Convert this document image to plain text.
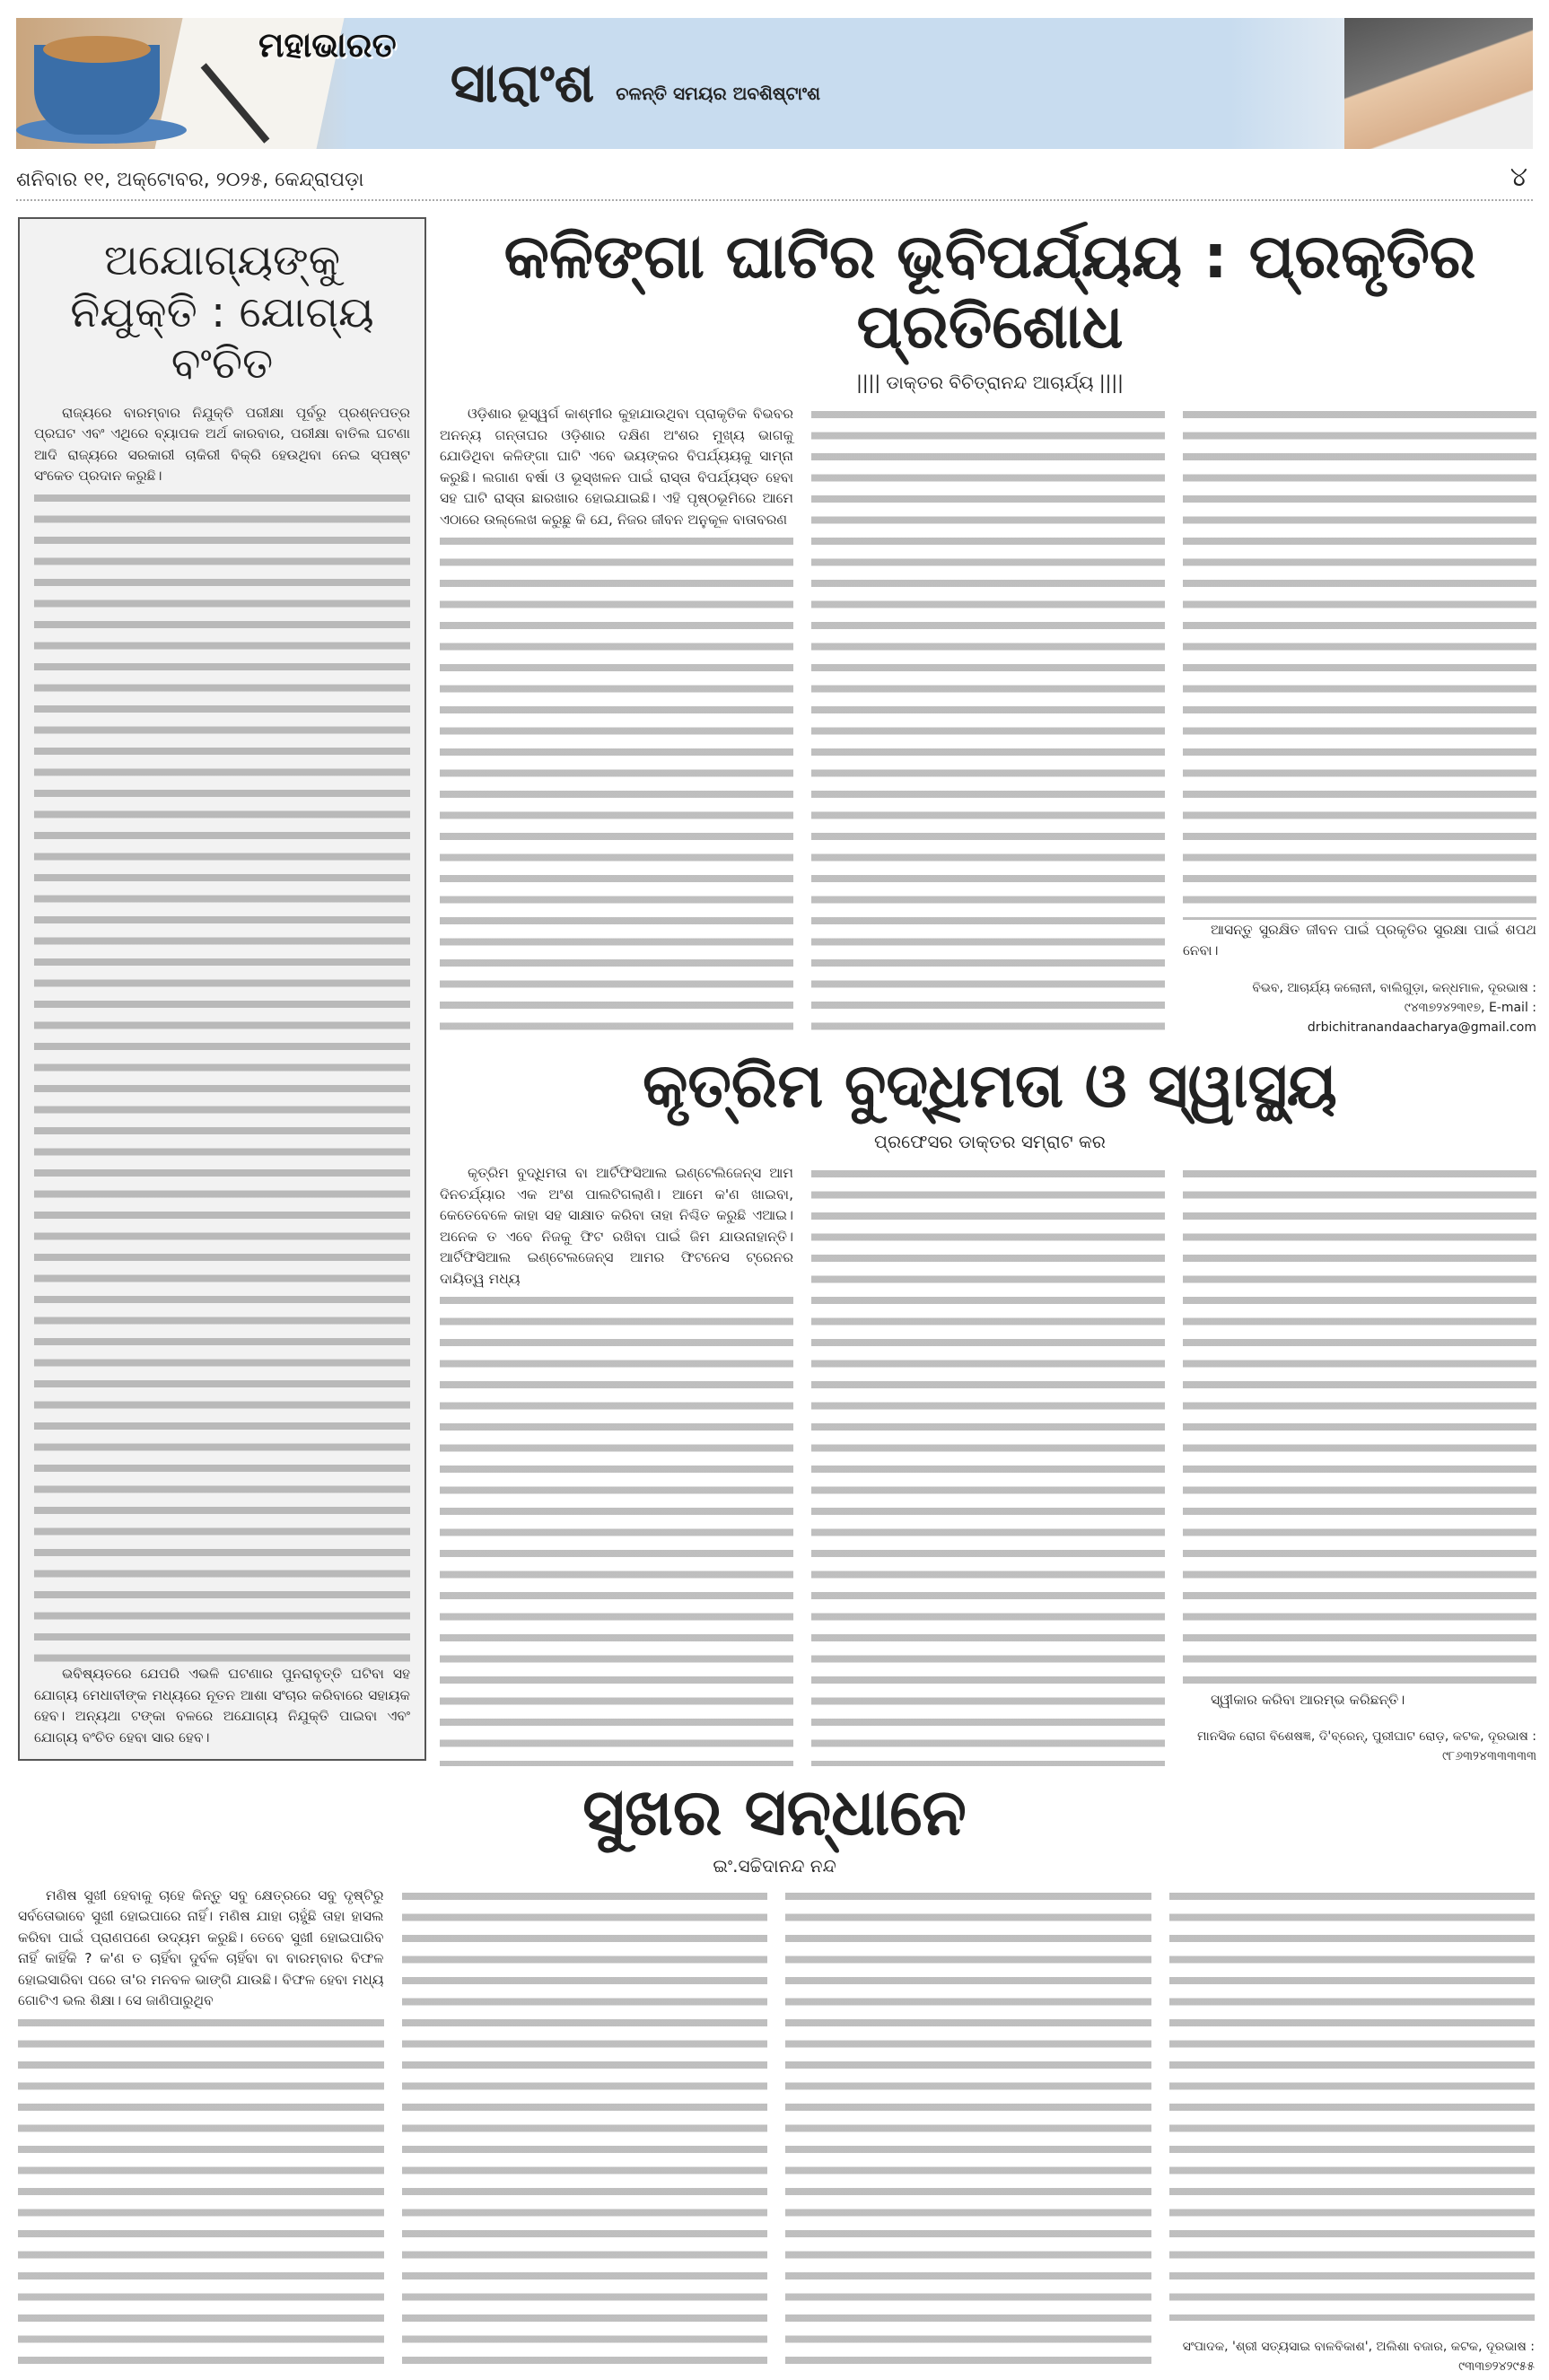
ମହାଭାରତ
ସାରାଂଶ ଚଳନ୍ତି ସମୟର ଅବଶିଷ୍ଟାଂଶ
ଶନିବାର ୧୧, ଅକ୍ଟୋବର, ୨୦୨୫, କେନ୍ଦ୍ରାପଡ଼ା	୪
ଅଯୋଗ୍ୟଙ୍କୁ ନିଯୁକ୍ତି : ଯୋଗ୍ୟ ବଂଚିତ

ରାଜ୍ୟରେ ବାରମ୍ବାର ନିଯୁକ୍ତି ପରୀକ୍ଷା ପୂର୍ବରୁ ପ୍ରଶ୍ନପତ୍ର ପ୍ରଘଟ ଏବଂ ଏଥିରେ ବ୍ୟାପକ ଅର୍ଥ କାରବାର, ପରୀକ୍ଷା ବାତିଲ ଘଟଣା ଆଦି ରାଜ୍ୟରେ ସରକାରୀ ଚାକିରୀ ବିକ୍ରି ହେଉଥିବା ନେଇ ସ୍ପଷ୍ଟ ସଂକେତ ପ୍ରଦାନ କରୁଛି।

ଭବିଷ୍ୟତରେ ଯେପରି ଏଭଳି ଘଟଣାର ପୁନରାବୃତ୍ତି ଘଟିବା ସହ ଯୋଗ୍ୟ ମେଧାବୀଙ୍କ ମଧ୍ୟରେ ନୂତନ ଆଶା ସଂଚାର କରିବାରେ ସହାୟକ ହେବ। ଅନ୍ୟଥା ଟଙ୍କା ବଳରେ ଅଯୋଗ୍ୟ ନିଯୁକ୍ତି ପାଇବା ଏବଂ ଯୋଗ୍ୟ ବଂଚିତ ହେବା ସାର ହେବ।

କଳିଙ୍ଗା ଘାଟିର ଭୂବିପର୍ଯ୍ୟୟ : ପ୍ରକୃତିର ପ୍ରତିଶୋଧ
|||| ଡାକ୍ତର ବିଚିତ୍ରାନନ୍ଦ ଆଚାର୍ଯ୍ୟ ||||

ଓଡ଼ିଶାର ଭୂସ୍ୱର୍ଗ କାଶ୍ମୀର କୁହାଯାଉଥିବା ପ୍ରାକୃତିକ ବିଭବର ଅନନ୍ୟ ଗନ୍ତାଘର ଓଡ଼ିଶାର ଦକ୍ଷିଣ ଅଂଶର ମୁଖ୍ୟ ଭାଗକୁ ଯୋଡିଥିବା କଳିଙ୍ଗା ଘାଟି ଏବେ ଭୟଙ୍କର ବିପର୍ଯ୍ୟୟକୁ ସାମ୍ନା କରୁଛି। ଲଗାଣ ବର୍ଷା ଓ ଭୂସ୍ଖଳନ ପାଇଁ ରାସ୍ତା ବିପର୍ଯ୍ୟସ୍ତ ହେବା ସହ ଘାଟି ରାସ୍ତା ଛାରଖାର ହୋଇଯାଇଛି। ଏହି ପୃଷ୍ଠଭୂମିରେ ଆମେ ଏଠାରେ ଉଲ୍ଲେଖ କରୁଛୁ କି ଯେ, ନିଜର ଜୀବନ ଅନୁକୂଳ ବାତାବରଣ

ଆସନ୍ତୁ ସୁରକ୍ଷିତ ଜୀବନ ପାଇଁ ପ୍ରକୃତିର ସୁରକ୍ଷା ପାଇଁ ଶପଥ ନେବା।

ବିଭବ, ଆଚାର୍ଯ୍ୟ କଲୋନୀ, ବାଲିଗୁଡ଼ା, କନ୍ଧମାଳ, ଦୂରଭାଷ : ୯୪୩୭୨୪୨୩୧୭, E-mail :
drbichitranandaacharya@gmail.com
କୃତ୍ରିମ ବୁଦ୍ଧିମତା ଓ ସ୍ୱାସ୍ଥ୍ୟ
ପ୍ରଫେସର ଡାକ୍ତର ସମ୍ରାଟ କର

କୃତ୍ରିମ ବୁଦ୍ଧିମତା ବା ଆର୍ଟିଫିସିଆଲ ଇଣ୍ଟେଲିଜେନ୍ସ ଆମ ଦିନଚର୍ଯ୍ୟାର ଏକ ଅଂଶ ପାଲଟିଗଲାଣି। ଆମେ କ'ଣ ଖାଇବା, କେତେବେଳେ କାହା ସହ ସାକ୍ଷାତ କରିବା ତାହା ନିଶ୍ଚିତ କରୁଛି ଏଆଇ। ଅନେକ ତ ଏବେ ନିଜକୁ ଫିଟ ରଖିବା ପାଇଁ ଜିମ ଯାଉନାହାନ୍ତି। ଆର୍ଟିଫିସିଆଲ ଇଣ୍ଟେଲଜେନ୍ସ ଆମର ଫିଟନେସ ଟ୍ରେନର ଦାୟିତ୍ୱ ମଧ୍ୟ

ସ୍ୱୀକାର କରିବା ଆରମ୍ଭ କରିଛନ୍ତି।

ମାନସିକ ରୋଗ ବିଶେଷଜ୍ଞ, ଦି'ବ୍ରେନ୍, ପୁରୀଘାଟ ରୋଡ଼, କଟକ, ଦୂରଭାଷ : ୯୮୬୩୨୪୩୩୩୩୩
ସୁଖର ସନ୍ଧାନେ
ଇଂ.ସଚ୍ଚିଦାନନ୍ଦ ନନ୍ଦ

ମଣିଷ ସୁଖୀ ହେବାକୁ ଚାହେ କିନ୍ତୁ ସବୁ କ୍ଷେତ୍ରରେ ସବୁ ଦୃଷ୍ଟିରୁ ସର୍ବତୋଭାବେ ସୁଖୀ ହୋଇପାରେ ନାହିଁ। ମଣିଷ ଯାହା ଚାହୁଁଛି ତାହା ହାସଲ କରିବା ପାଇଁ ପ୍ରାଣପଣେ ଉଦ୍ୟମ କରୁଛି। ତେବେ ସୁଖୀ ହୋଇପାରିବ ନାହିଁ କାହିଁକି ? କ'ଣ ତ ଚାହିଁବା ଦୁର୍ବଳ ଚାହିଁବା ବା ବାରମ୍ବାର ବିଫଳ ହୋଇସାରିବା ପରେ ତା'ର ମନବଳ ଭାଙ୍ଗି ଯାଉଛି। ବିଫଳ ହେବା ମଧ୍ୟ ଗୋଟିଏ ଭଲ ଶିକ୍ଷା। ସେ ଜାଣିପାରୁଥିବ

ସଂପାଦକ, 'ଶ୍ରୀ ସତ୍ୟସାଇ ବାଳବିକାଶ', ଅଲିଶା ବଜାର, କଟକ, ଦୂରଭାଷ : ୯୩୩୭୨୪୨୯୫୫
